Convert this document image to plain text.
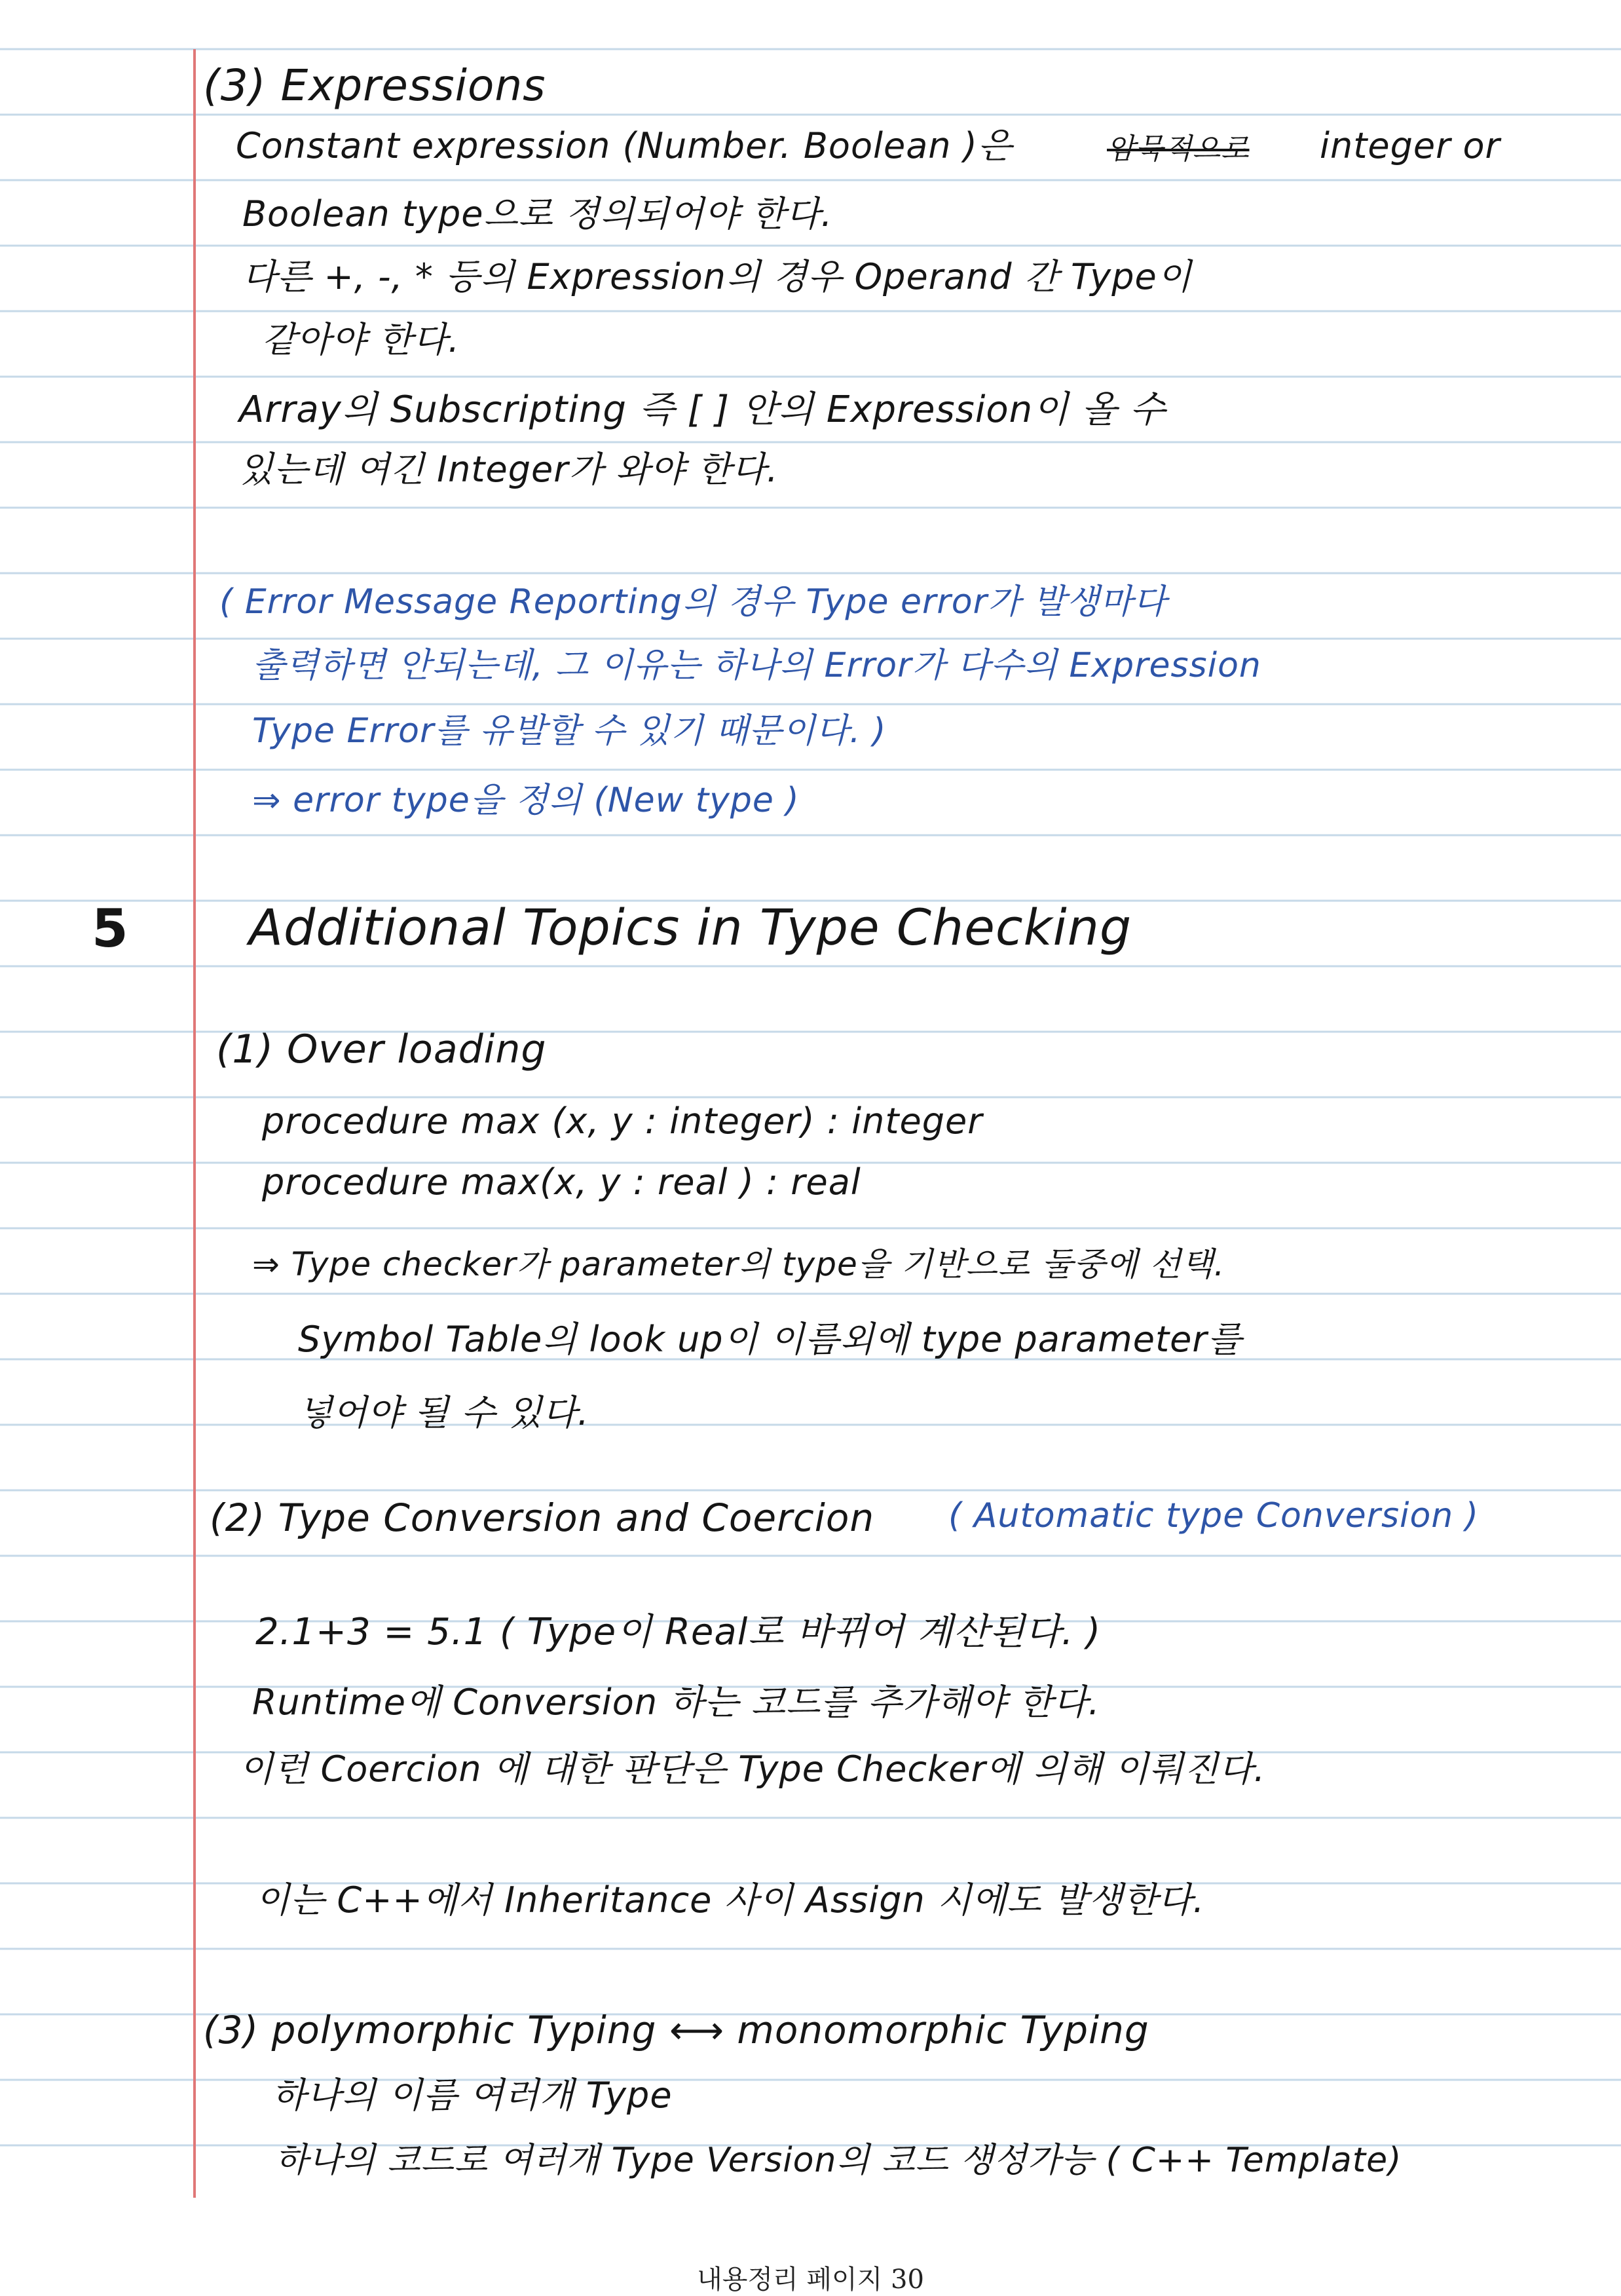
(3) Expressions
Constant expression (Number. Boolean )은	암묵적으로 integer or
Boolean type으로 정의되어야 한다.
다른 +, -, * 등의 Expression의 경우 Operand 간 Type이
같아야 한다.
Array의 Subscripting 즉 [ ] 안의 Expression이 올 수
있는데 여긴 Integer가 와야 한다.
( Error Message Reporting의 경우 Type error가 발생마다
출력하면 안되는데, 그 이유는 하나의 Error가 다수의 Expression
Type Error를 유발할 수 있기 때문이다. )
⇒ error type을 정의 (New type )
5 Additional Topics in Type Checking
(1) Over loading
procedure max (x, y : integer) : integer
procedure max(x, y : real ) : real
⇒ Type checker가 parameter의 type을 기반으로 둘중에 선택.
Symbol Table의 look up이 이름외에 type parameter를
넣어야 될 수 있다.
(2) Type Conversion and Coercion ( Automatic type Conversion )
2.1+3 = 5.1 ( Type이 Real로 바뀌어 계산된다. )
Runtime에 Conversion 하는 코드를 추가해야 한다.
이런 Coercion 에 대한 판단은 Type Checker에 의해 이뤄진다.
이는 C++에서 Inheritance 사이 Assign 시에도 발생한다.
(3) polymorphic Typing ⟷ monomorphic Typing
하나의 이름 여러개 Type
하나의 코드로 여러개 Type Version의 코드 생성가능 ( C++ Template)
내용정리 페이지 30
